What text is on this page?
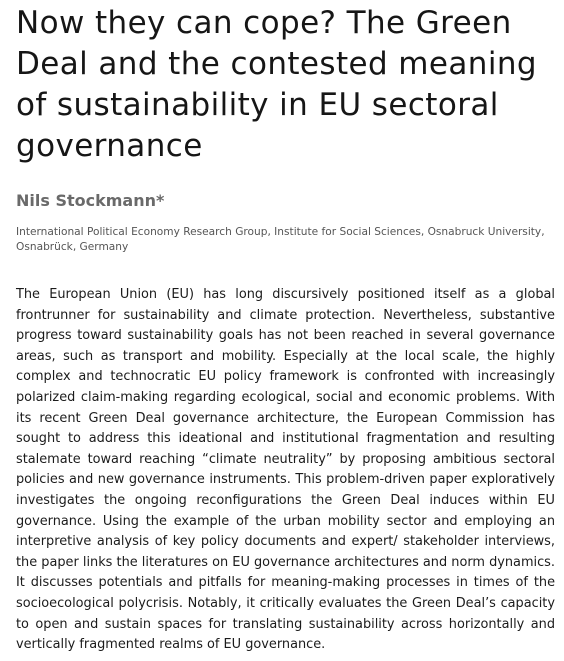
Now they can cope? The Green Deal and the contested meaning of sustainability in EU sectoral governance

Nils Stockmann*

International Political Economy Research Group, Institute for Social Sciences, Osnabruck University, Osnabrück, Germany

The European Union (EU) has long discursively positioned itself as a global frontrunner for sustainability and climate protection. Nevertheless, substantive progress toward sustainability goals has not been reached in several governance areas, such as transport and mobility. Especially at the local scale, the highly complex and technocratic EU policy framework is confronted with increasingly polarized claim-making regarding ecological, social and economic problems. With its recent Green Deal governance architecture, the European Commission has sought to address this ideational and institutional fragmentation and resulting stalemate toward reaching “climate neutrality” by proposing ambitious sectoral policies and new governance instruments. This problem-driven paper exploratively investigates the ongoing reconfigurations the Green Deal induces within EU governance. Using the example of the urban mobility sector and employing an interpretive analysis of key policy documents and expert/ stakeholder interviews, the paper links the literatures on EU governance architectures and norm dynamics. It discusses potentials and pitfalls for meaning-making processes in times of the socioecological polycrisis. Notably, it critically evaluates the Green Deal’s capacity to open and sustain spaces for translating sustainability across horizontally and vertically fragmented realms of EU governance.
